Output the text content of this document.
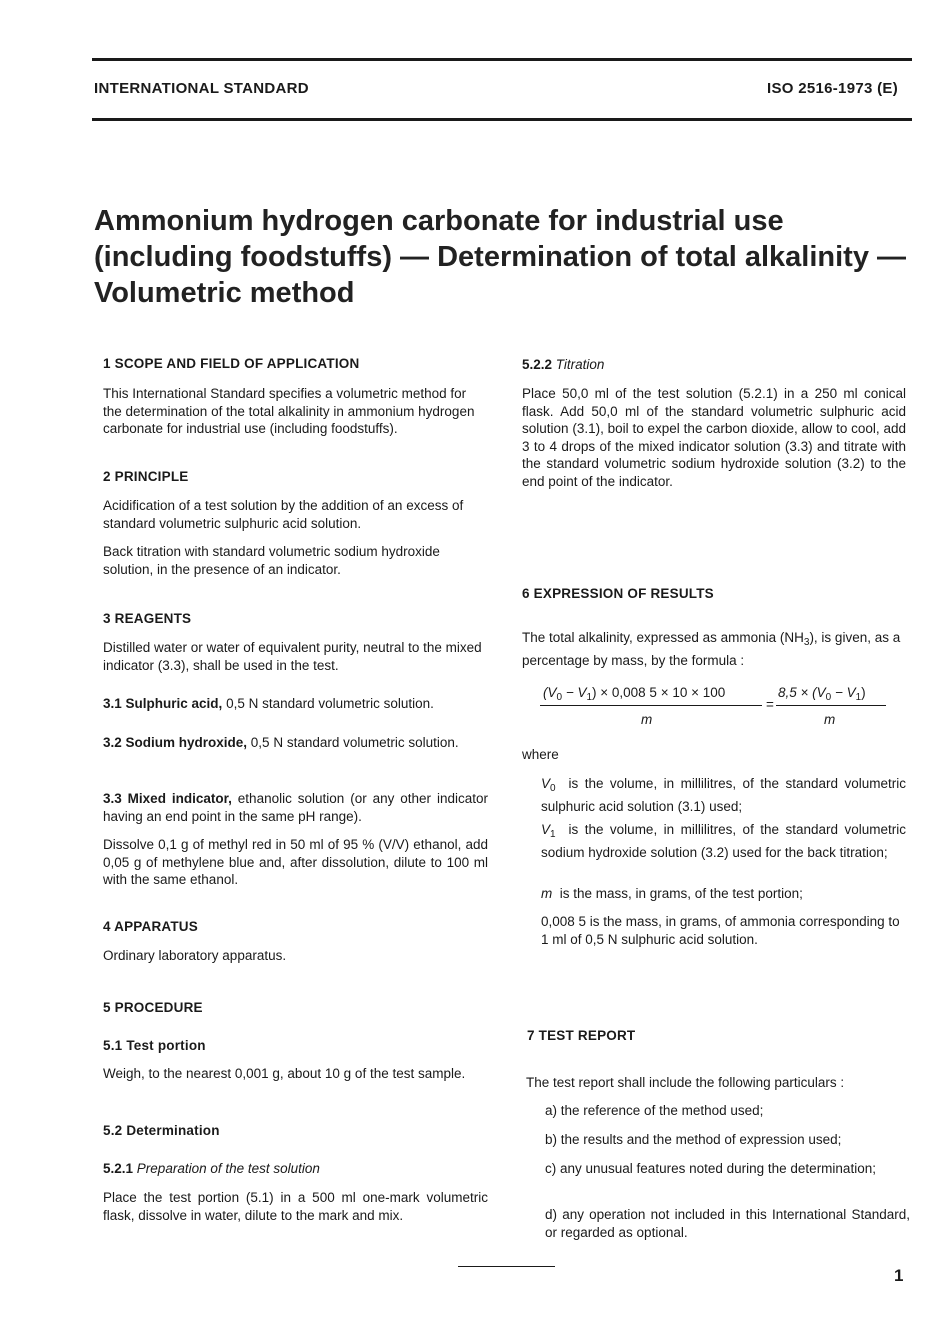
INTERNATIONAL STANDARD	ISO 2516-1973 (E)
Ammonium hydrogen carbonate for industrial use (including foodstuffs) — Determination of total alkalinity — Volumetric method
1 SCOPE AND FIELD OF APPLICATION
This International Standard specifies a volumetric method for the determination of the total alkalinity in ammonium hydrogen carbonate for industrial use (including foodstuffs).
2 PRINCIPLE
Acidification of a test solution by the addition of an excess of standard volumetric sulphuric acid solution.
Back titration with standard volumetric sodium hydroxide solution, in the presence of an indicator.
3 REAGENTS
Distilled water or water of equivalent purity, neutral to the mixed indicator (3.3), shall be used in the test.
3.1 Sulphuric acid, 0,5 N standard volumetric solution.
3.2 Sodium hydroxide, 0,5 N standard volumetric solution.
3.3 Mixed indicator, ethanolic solution (or any other indicator having an end point in the same pH range).
Dissolve 0,1 g of methyl red in 50 ml of 95 % (V/V) ethanol, add 0,05 g of methylene blue and, after dissolution, dilute to 100 ml with the same ethanol.
4 APPARATUS
Ordinary laboratory apparatus.
5 PROCEDURE
5.1 Test portion
Weigh, to the nearest 0,001 g, about 10 g of the test sample.
5.2 Determination
5.2.1 Preparation of the test solution
Place the test portion (5.1) in a 500 ml one-mark volumetric flask, dissolve in water, dilute to the mark and mix.
5.2.2 Titration
Place 50,0 ml of the test solution (5.2.1) in a 250 ml conical flask. Add 50,0 ml of the standard volumetric sulphuric acid solution (3.1), boil to expel the carbon dioxide, allow to cool, add 3 to 4 drops of the mixed indicator solution (3.3) and titrate with the standard volumetric sodium hydroxide solution (3.2) to the end point of the indicator.
6 EXPRESSION OF RESULTS
The total alkalinity, expressed as ammonia $(NH_3)$, is given, as a percentage by mass, by the formula :
$(V_0 - V_1) \times 0,008$ 5 × 10 × 100
m
=
$8,5 \times (V_0 - V_1)$
m
where
$V_0$ is the volume, in millilitres, of the standard volumetric sulphuric acid solution (3.1) used;
$V_1$ is the volume, in millilitres, of the standard volumetric sodium hydroxide solution (3.2) used for the back titration;
m is the mass, in grams, of the test portion;
0,008 5 is the mass, in grams, of ammonia corresponding to 1 ml of 0,5 N sulphuric acid solution.
7 TEST REPORT
The test report shall include the following particulars :
a) the reference of the method used;
b) the results and the method of expression used;
c) any unusual features noted during the determination;
d) any operation not included in this International Standard, or regarded as optional.
1
